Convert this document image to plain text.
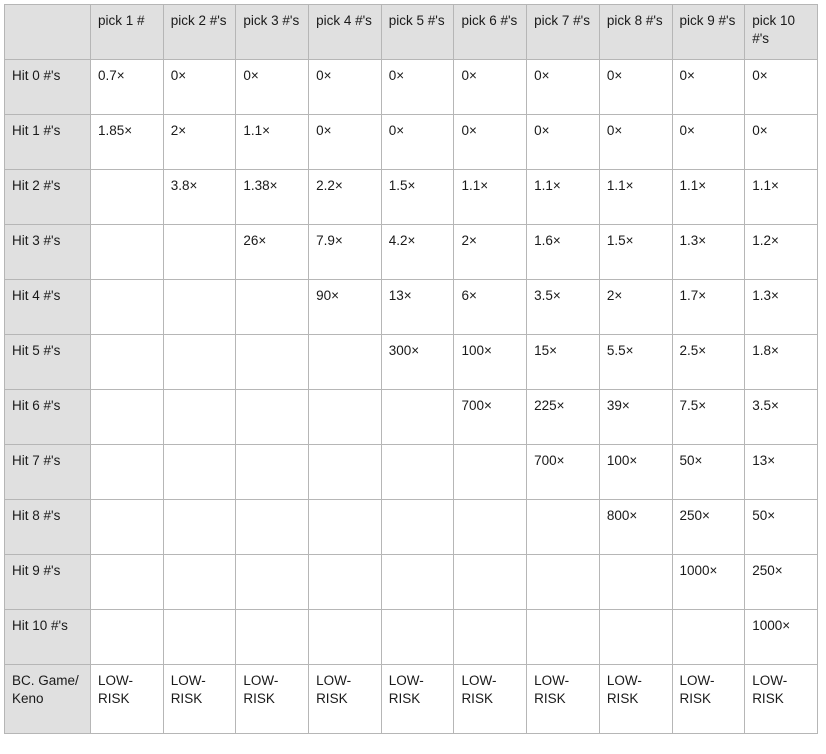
	pick 1 #	pick 2 #'s	pick 3 #'s	pick 4 #'s	pick 5 #'s	pick 6 #'s	pick 7 #'s	pick 8 #'s	pick 9 #'s	pick 10 #'s
Hit 0 #'s	0.7×	0×	0×	0×	0×	0×	0×	0×	0×	0×
Hit 1 #'s	1.85×	2×	1.1×	0×	0×	0×	0×	0×	0×	0×
Hit 2 #'s		3.8×	1.38×	2.2×	1.5×	1.1×	1.1×	1.1×	1.1×	1.1×
Hit 3 #'s			26×	7.9×	4.2×	2×	1.6×	1.5×	1.3×	1.2×
Hit 4 #'s				90×	13×	6×	3.5×	2×	1.7×	1.3×
Hit 5 #'s					300×	100×	15×	5.5×	2.5×	1.8×
Hit 6 #'s						700×	225×	39×	7.5×	3.5×
Hit 7 #'s							700×	100×	50×	13×
Hit 8 #'s								800×	250×	50×
Hit 9 #'s									1000×	250×
Hit 10 #'s										1000×
BC. Game/ Keno	LOW-RISK	LOW-RISK	LOW-RISK	LOW-RISK	LOW-RISK	LOW-RISK	LOW-RISK	LOW-RISK	LOW-RISK	LOW-RISK
